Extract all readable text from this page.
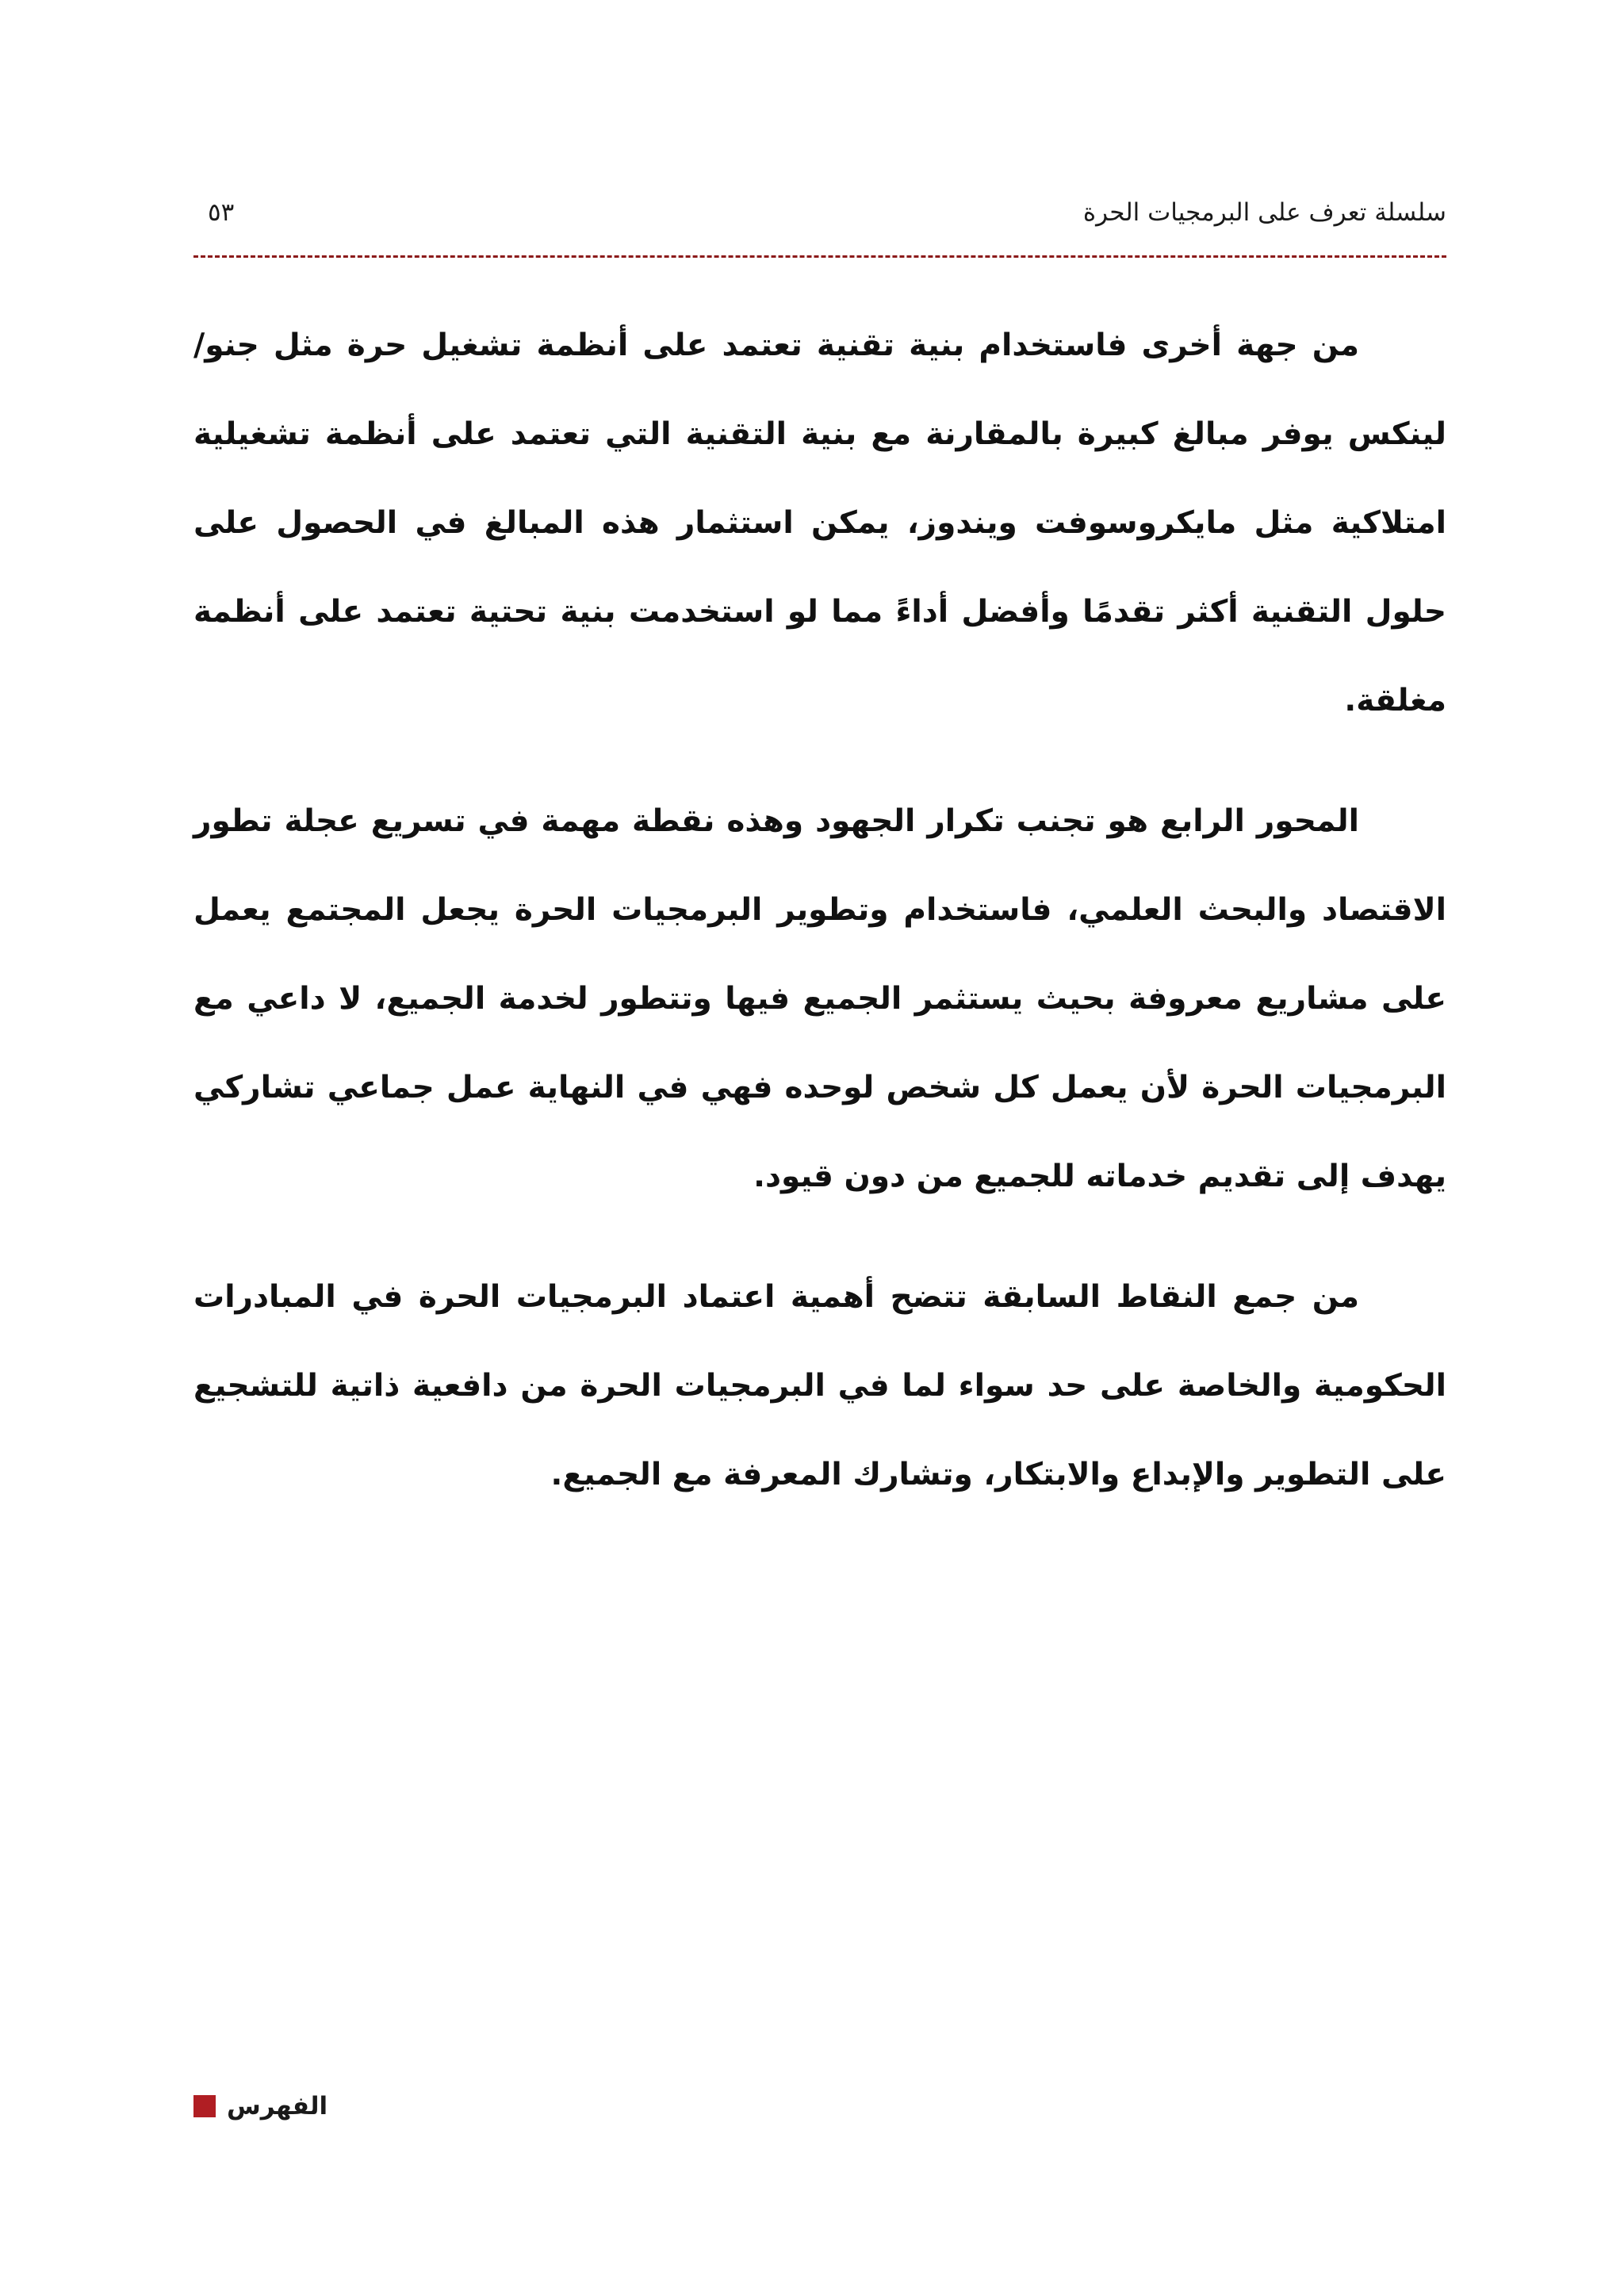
سلسلة تعرف على البرمجيات الحرة
٥٣

من جهة أخرى فاستخدام بنية تقنية تعتمد على أنظمة تشغيل حرة مثل جنو/لينكس يوفر مبالغ كبيرة بالمقارنة مع بنية التقنية التي تعتمد على أنظمة تشغيلية امتلاكية مثل مايكروسوفت ويندوز، يمكن استثمار هذه المبالغ في الحصول على حلول التقنية أكثر تقدمًا وأفضل أداءً مما لو استخدمت بنية تحتية تعتمد على أنظمة مغلقة.

المحور الرابع هو تجنب تكرار الجهود وهذه نقطة مهمة في تسريع عجلة تطور الاقتصاد والبحث العلمي، فاستخدام وتطوير البرمجيات الحرة يجعل المجتمع يعمل على مشاريع معروفة بحيث يستثمر الجميع فيها وتتطور لخدمة الجميع، لا داعي مع البرمجيات الحرة لأن يعمل كل شخص لوحده فهي في النهاية عمل جماعي تشاركي يهدف إلى تقديم خدماته للجميع من دون قيود.

من جمع النقاط السابقة تتضح أهمية اعتماد البرمجيات الحرة في المبادرات الحكومية والخاصة على حد سواء لما في البرمجيات الحرة من دافعية ذاتية للتشجيع على التطوير والإبداع والابتكار، وتشارك المعرفة مع الجميع.

الفهرس
